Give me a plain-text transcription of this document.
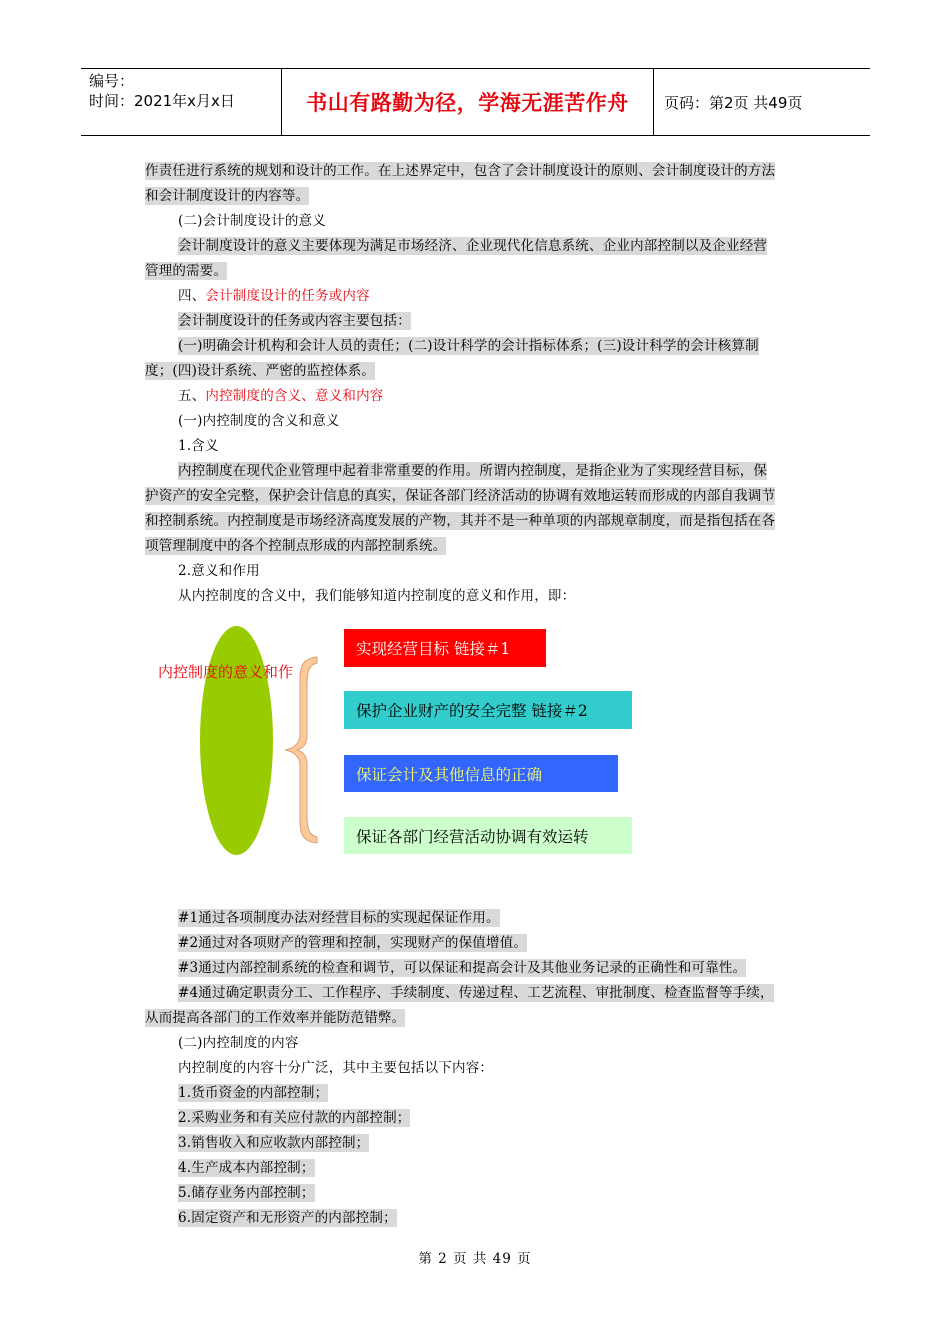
编号：
时间：2021年x月x日	书山有路勤为径，学海无涯苦作舟	页码：第2页 共49页
作责任进行系统的规划和设计的工作。在上述界定中，包含了会计制度设计的原则、会计制度设计的方法
和会计制度设计的内容等。
(二)会计制度设计的意义
会计制度设计的意义主要体现为满足市场经济、企业现代化信息系统、企业内部控制以及企业经营
管理的需要。
四、会计制度设计的任务或内容
会计制度设计的任务或内容主要包括：
(一)明确会计机构和会计人员的责任；(二)设计科学的会计指标体系；(三)设计科学的会计核算制
度；(四)设计系统、严密的监控体系。
五、内控制度的含义、意义和内容
(一)内控制度的含义和意义
1.含义
内控制度在现代企业管理中起着非常重要的作用。所谓内控制度，是指企业为了实现经营目标，保
护资产的安全完整，保护会计信息的真实，保证各部门经济活动的协调有效地运转而形成的内部自我调节
和控制系统。内控制度是市场经济高度发展的产物，其并不是一种单项的内部规章制度，而是指包括在各
项管理制度中的各个控制点形成的内部控制系统。
2.意义和作用
从内控制度的含义中，我们能够知道内控制度的意义和作用，即：
内控制度的意义和作
实现经营目标 链接＃1
保护企业财产的安全完整 链接＃2
保证会计及其他信息的正确
保证各部门经营活动协调有效运转
#1通过各项制度办法对经营目标的实现起保证作用。
#2通过对各项财产的管理和控制，实现财产的保值增值。
#3通过内部控制系统的检查和调节，可以保证和提高会计及其他业务记录的正确性和可靠性。
#4通过确定职责分工、工作程序、手续制度、传递过程、工艺流程、审批制度、检查监督等手续，
从而提高各部门的工作效率并能防范错弊。
(二)内控制度的内容
内控制度的内容十分广泛，其中主要包括以下内容：
1.货币资金的内部控制；
2.采购业务和有关应付款的内部控制；
3.销售收入和应收款内部控制；
4.生产成本内部控制；
5.储存业务内部控制；
6.固定资产和无形资产的内部控制；
第 2 页 共 49 页
